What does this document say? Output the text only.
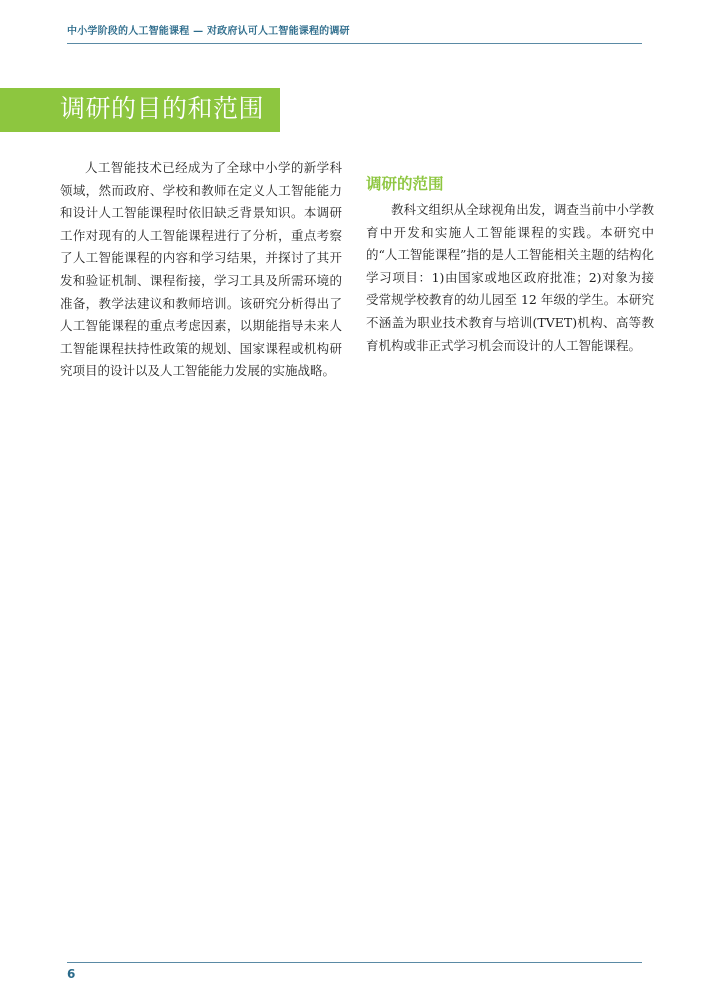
中小学阶段的人工智能课程 — 对政府认可人工智能课程的调研
调研的目的和范围

人工智能技术已经成为了全球中小学的新学科领域，然而政府、学校和教师在定义人工智能能力和设计人工智能课程时依旧缺乏背景知识。本调研工作对现有的人工智能课程进行了分析，重点考察了人工智能课程的内容和学习结果，并探讨了其开发和验证机制、课程衔接，学习工具及所需环境的准备，教学法建议和教师培训。该研究分析得出了人工智能课程的重点考虑因素，以期能指导未来人工智能课程扶持性政策的规划、国家课程或机构研究项目的设计以及人工智能能力发展的实施战略。

调研的范围

教科文组织从全球视角出发，调查当前中小学教育中开发和实施人工智能课程的实践。本研究中的“人工智能课程”指的是人工智能相关主题的结构化学习项目：1)由国家或地区政府批准；2)对象为接受常规学校教育的幼儿园至 12 年级的学生。本研究不涵盖为职业技术教育与培训(TVET)机构、高等教育机构或非正式学习机会而设计的人工智能课程。

6
